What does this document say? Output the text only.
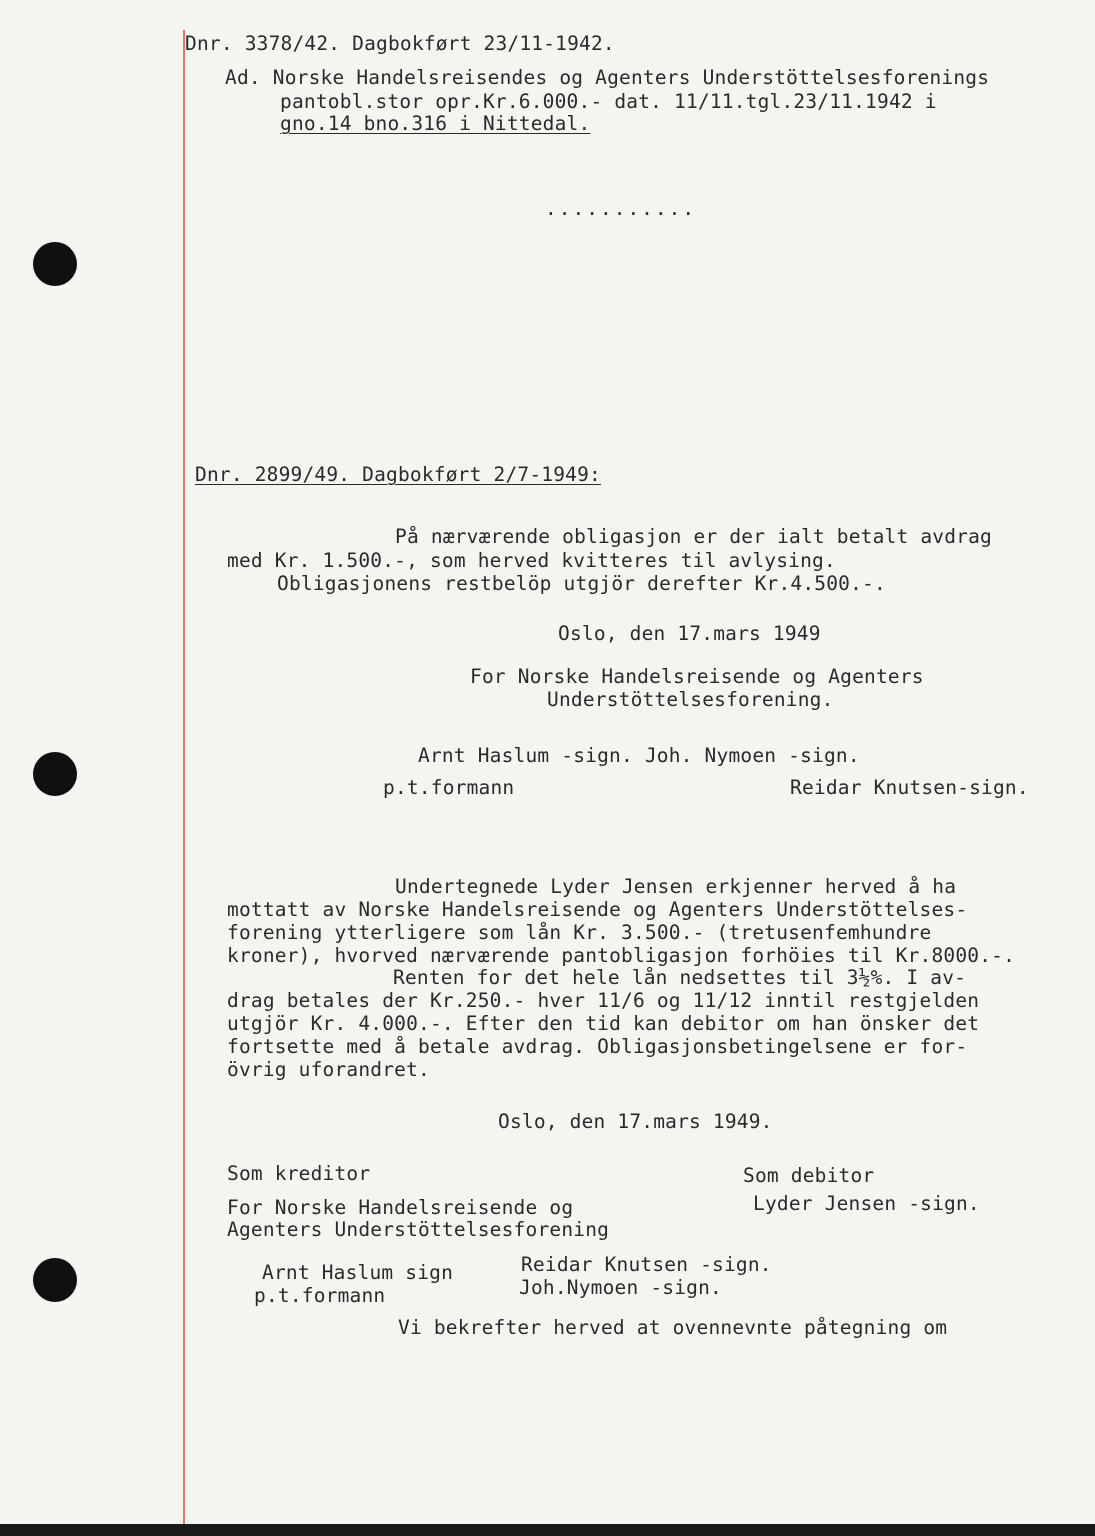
Dnr. 3378/42. Dagbokført 23/11-1942.
Ad. Norske Handelsreisendes og Agenters Understöttelsesforenings
pantobl.stor opr.Kr.6.000.- dat. 11/11.tgl.23/11.1942 i
gno.14 bno.316 i Nittedal.
...........
Dnr. 2899/49. Dagbokført 2/7-1949:
På nærværende obligasjon er der ialt betalt avdrag
med Kr. 1.500.-, som herved kvitteres til avlysing.
Obligasjonens restbelöp utgjör derefter Kr.4.500.-.
Oslo, den 17.mars 1949
For Norske Handelsreisende og Agenters
Understöttelsesforening.
Arnt Haslum -sign. Joh. Nymoen -sign.
p.t.formann	Reidar Knutsen-sign.
Undertegnede Lyder Jensen erkjenner herved å ha
mottatt av Norske Handelsreisende og Agenters Understöttelses-
forening ytterligere som lån Kr. 3.500.- (tretusenfemhundre
kroner), hvorved nærværende pantobligasjon forhöies til Kr.8000.-.
Renten for det hele lån nedsettes til 3½%. I av-
drag betales der Kr.250.- hver 11/6 og 11/12 inntil restgjelden
utgjör Kr. 4.000.-. Efter den tid kan debitor om han önsker det
fortsette med å betale avdrag. Obligasjonsbetingelsene er for-
övrig uforandret.
Oslo, den 17.mars 1949.
Som kreditor	Som debitor
For Norske Handelsreisende og	Lyder Jensen -sign.
Agenters Understöttelsesforening
Arnt Haslum sign	Reidar Knutsen -sign.
p.t.formann	Joh.Nymoen -sign.
Vi bekrefter herved at ovennevnte påtegning om
